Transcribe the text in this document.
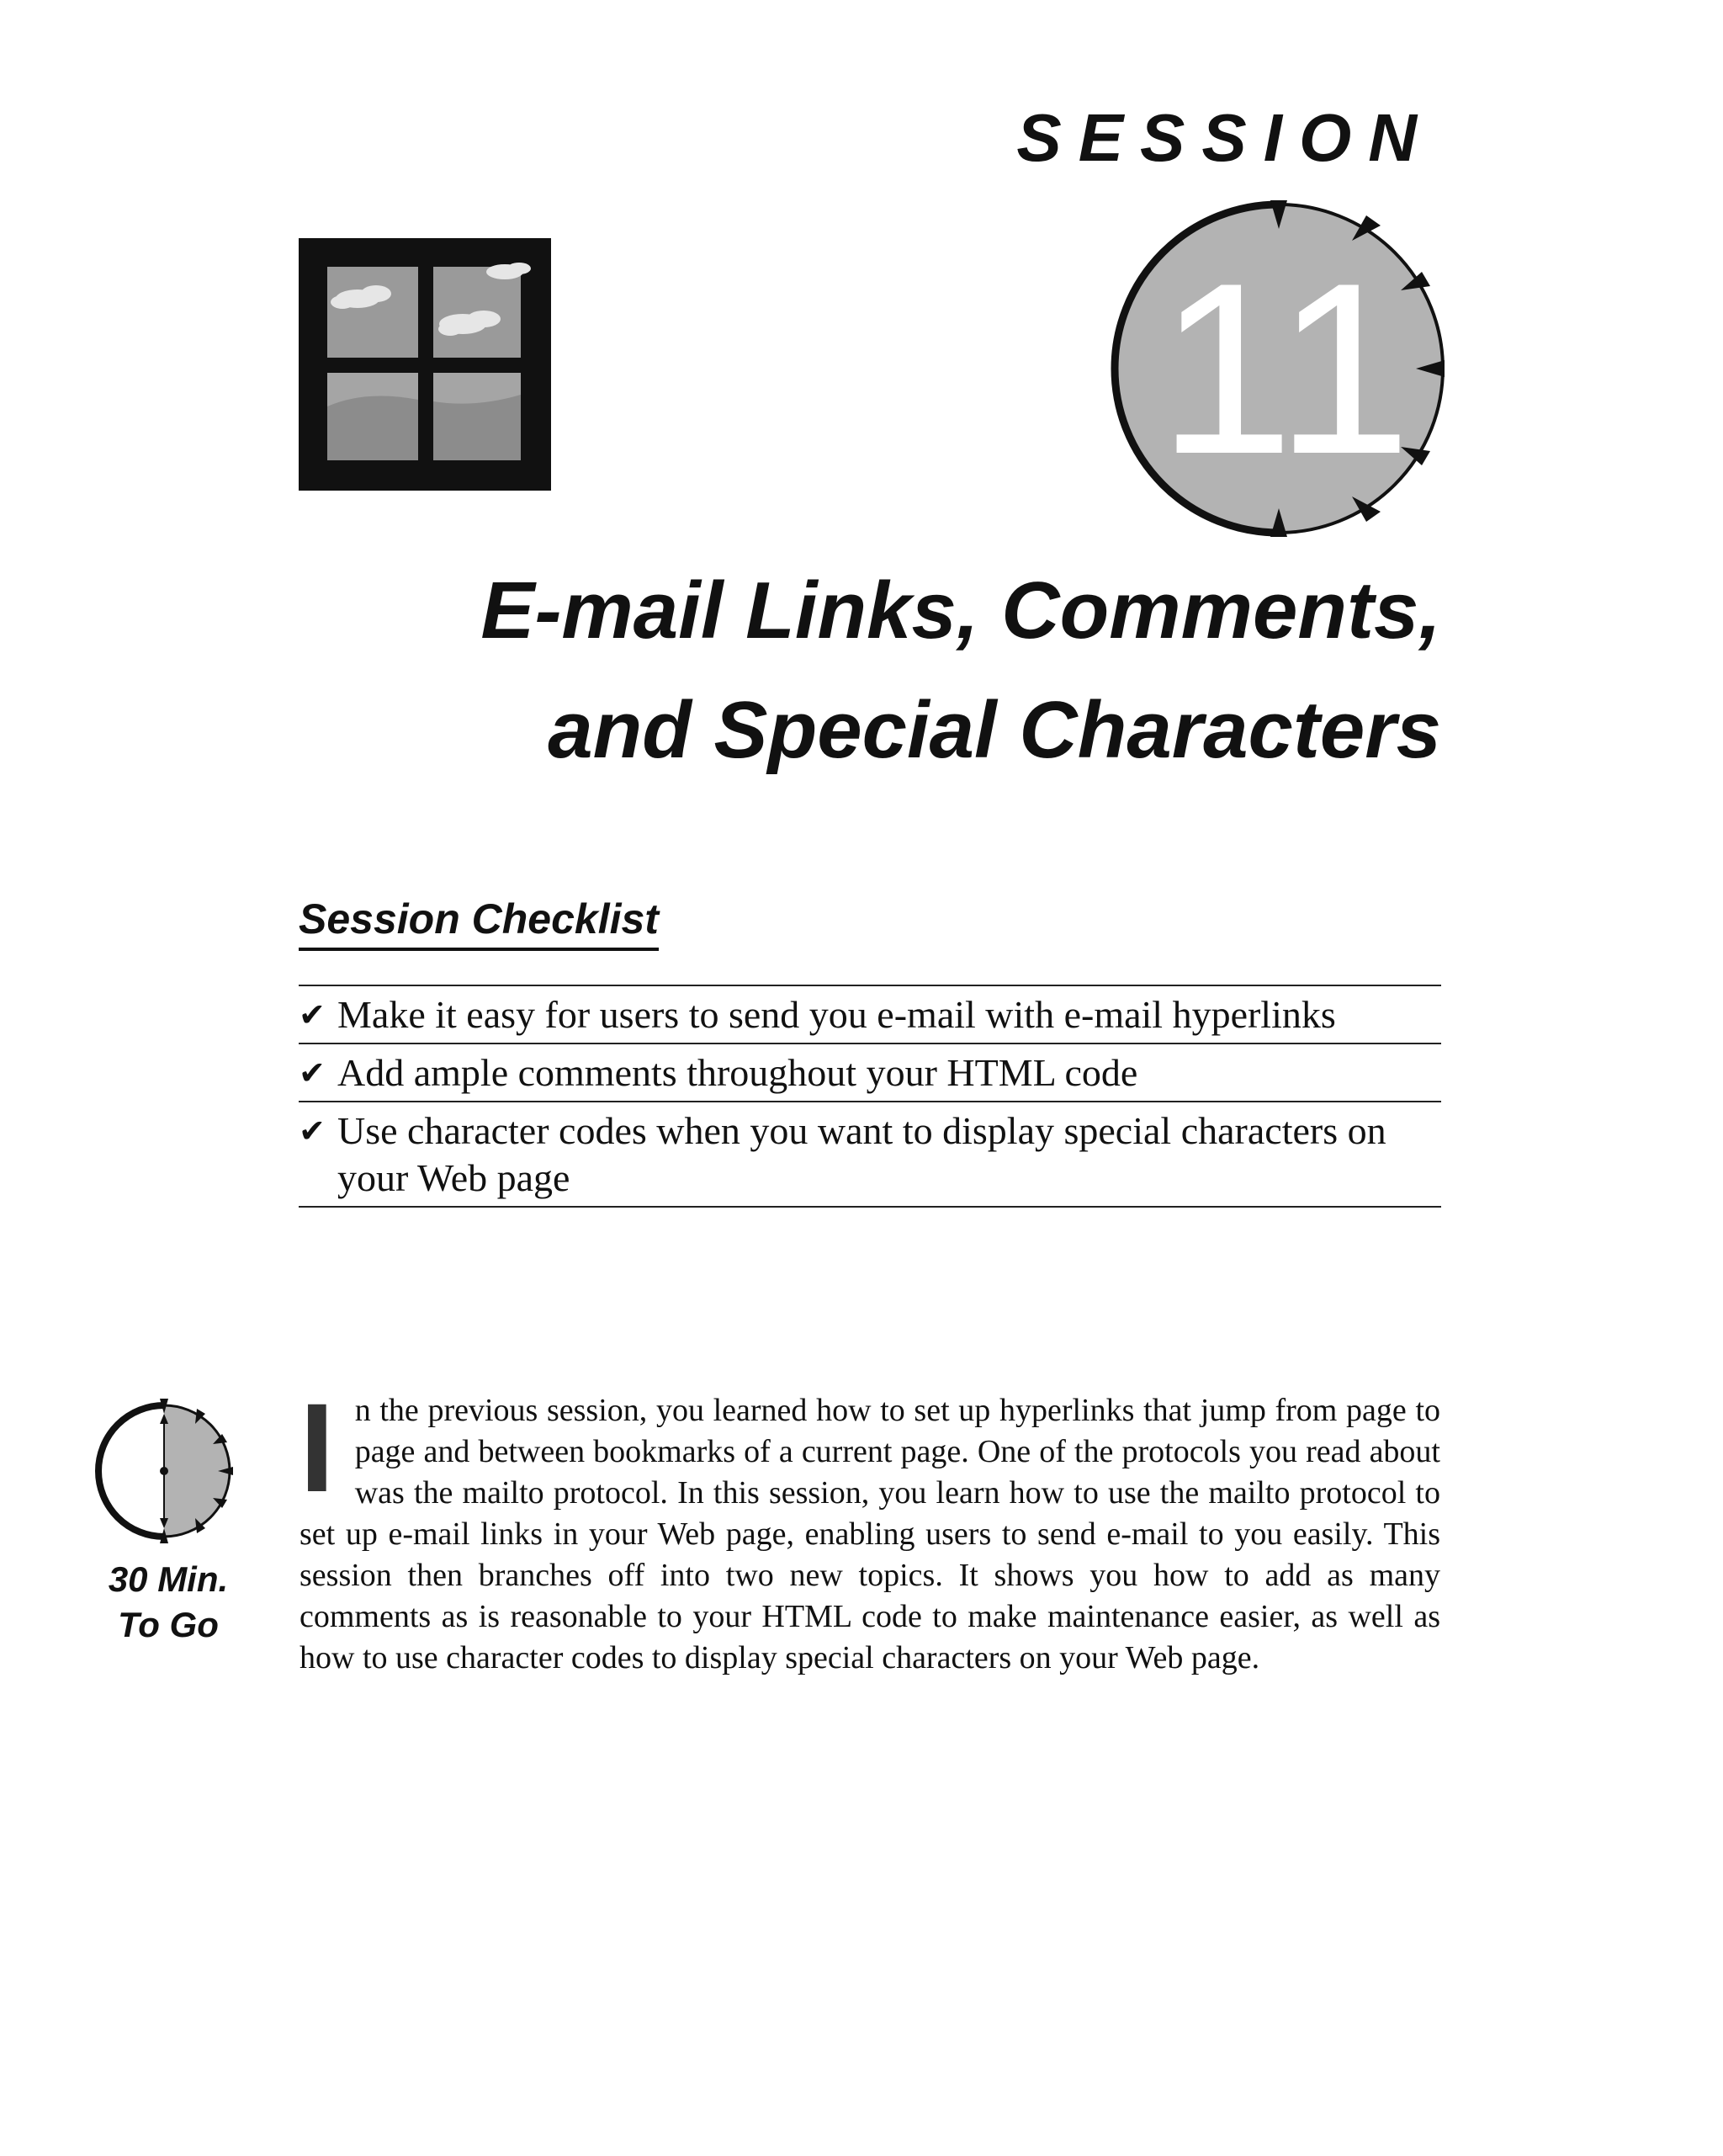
SESSION
11
E-mail Links, Comments,
and Special Characters
Session Checklist
✔ Make it easy for users to send you e-mail with e-mail hyperlinks
✔ Add ample comments throughout your HTML code
✔ Use character codes when you want to display special characters on your Web page
30 Min.
To Go

In the previous session, you learned how to set up hyperlinks that jump from page to page and between bookmarks of a current page. One of the protocols you read about was the mailto protocol. In this session, you learn how to use the mailto protocol to set up e-mail links in your Web page, enabling users to send e-mail to you easily. This session then branches off into two new topics. It shows you how to add as many comments as is reasonable to your HTML code to make maintenance easier, as well as how to use character codes to display special characters on your Web page.
